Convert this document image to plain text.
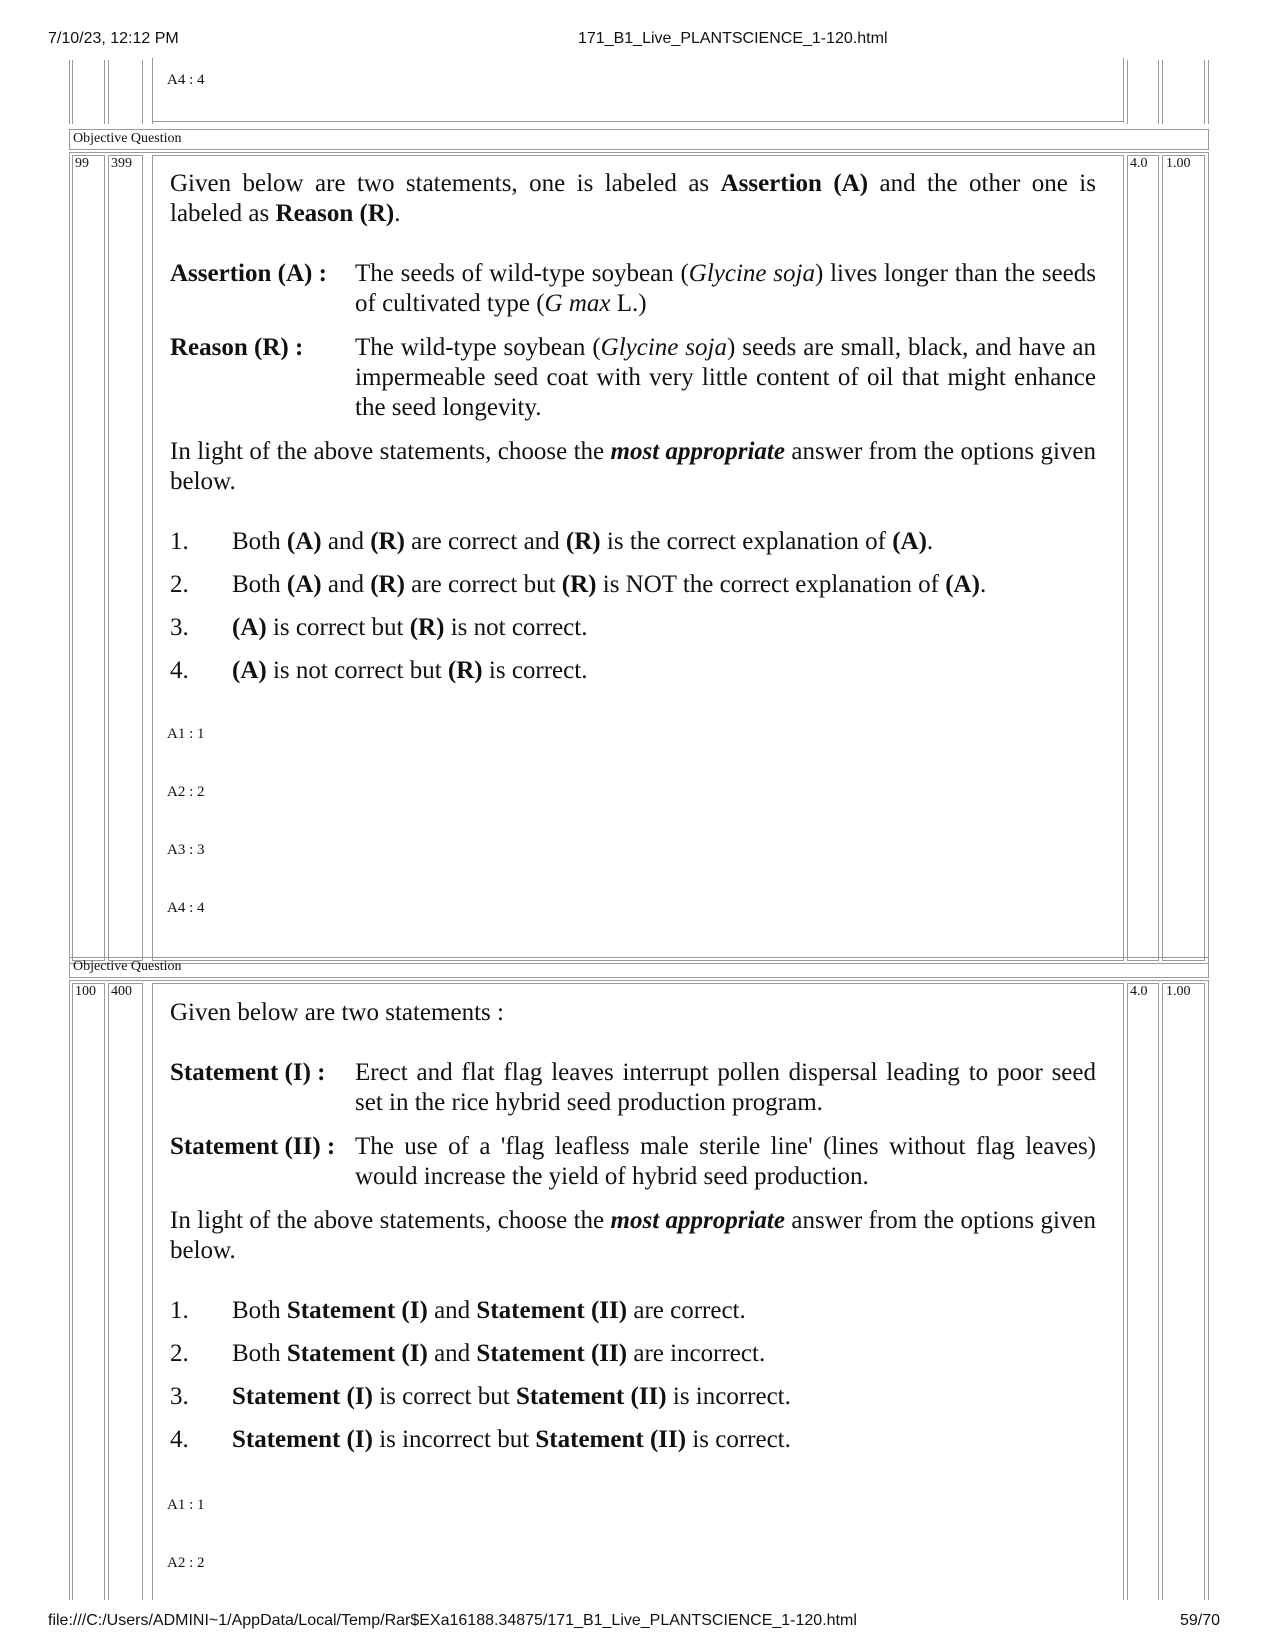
7/10/23, 12:12 PM	171_B1_Live_PLANTSCIENCE_1-120.html
A4 : 4
Objective Question
99 399	4.0 1.00

Given below are two statements, one is labeled as Assertion (A) and the other one is labeled as Reason (R).

Assertion (A) :	The seeds of wild-type soybean (Glycine soja) lives longer than the seeds of cultivated type (G max L.)
Reason (R) :	The wild-type soybean (Glycine soja) seeds are small, black, and have an impermeable seed coat with very little content of oil that might enhance the seed longevity.

In light of the above statements, choose the most appropriate answer from the options given below.

1.	Both (A) and (R) are correct and (R) is the correct explanation of (A).
2.	Both (A) and (R) are correct but (R) is NOT the correct explanation of (A).
3.	(A) is correct but (R) is not correct.
4.	(A) is not correct but (R) is correct.
A1 : 1
A2 : 2
A3 : 3
A4 : 4
Objective Question
100 400	4.0 1.00

Given below are two statements :

Statement (I) :	Erect and flat flag leaves interrupt pollen dispersal leading to poor seed set in the rice hybrid seed production program.
Statement (II) : The use of a 'flag leafless male sterile line' (lines without flag leaves) would increase the yield of hybrid seed production.

In light of the above statements, choose the most appropriate answer from the options given below.

1.	Both Statement (I) and Statement (II) are correct.
2.	Both Statement (I) and Statement (II) are incorrect.
3.	Statement (I) is correct but Statement (II) is incorrect.
4.	Statement (I) is incorrect but Statement (II) is correct.
A1 : 1
A2 : 2
file:///C:/Users/ADMINI~1/AppData/Local/Temp/Rar$EXa16188.34875/171_B1_Live_PLANTSCIENCE_1-120.html	59/70
